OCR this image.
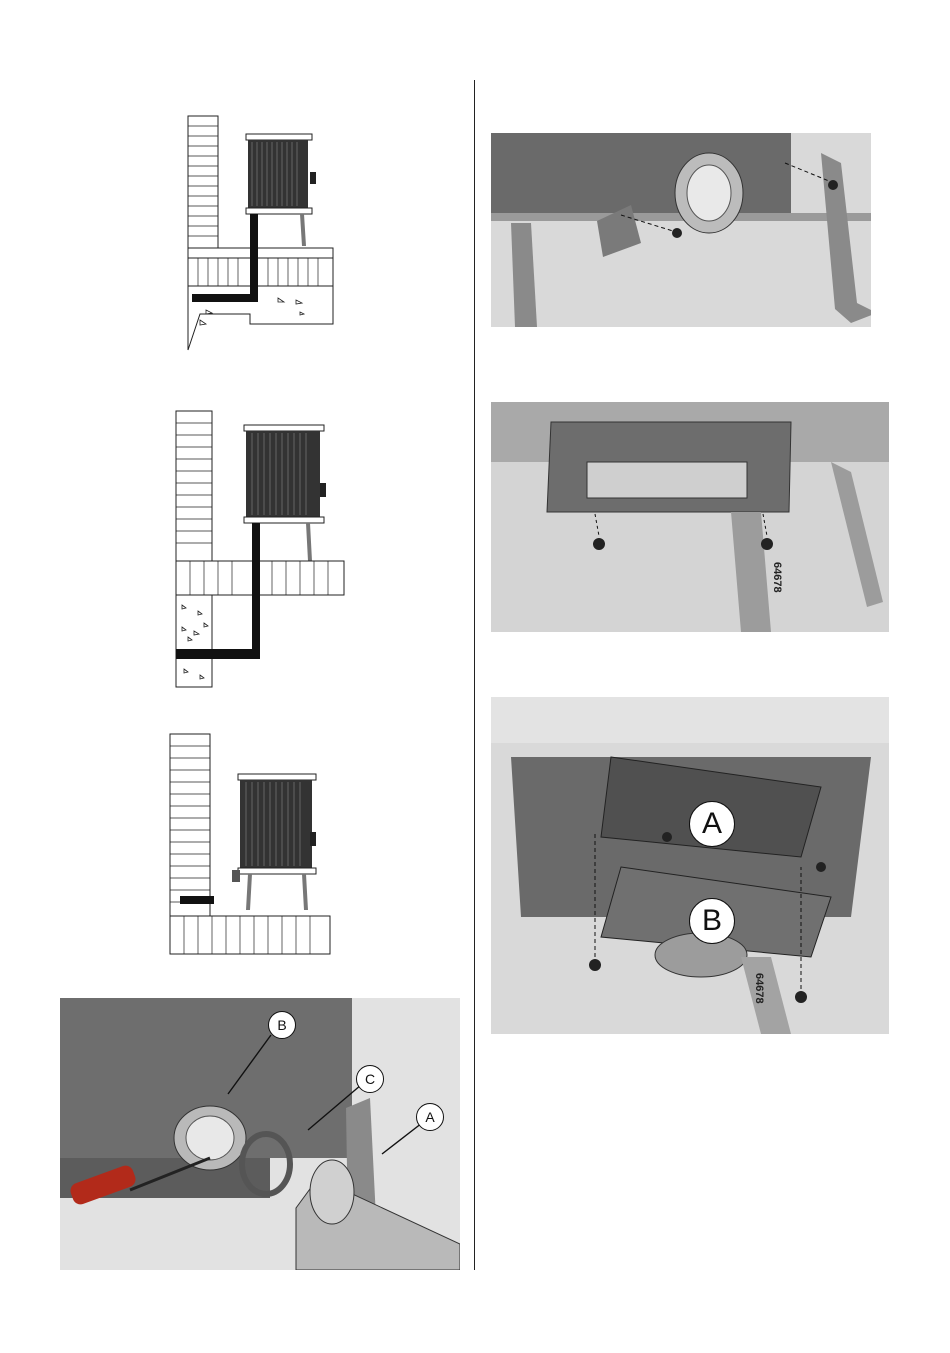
B
C
A
64678
64678
A
B
